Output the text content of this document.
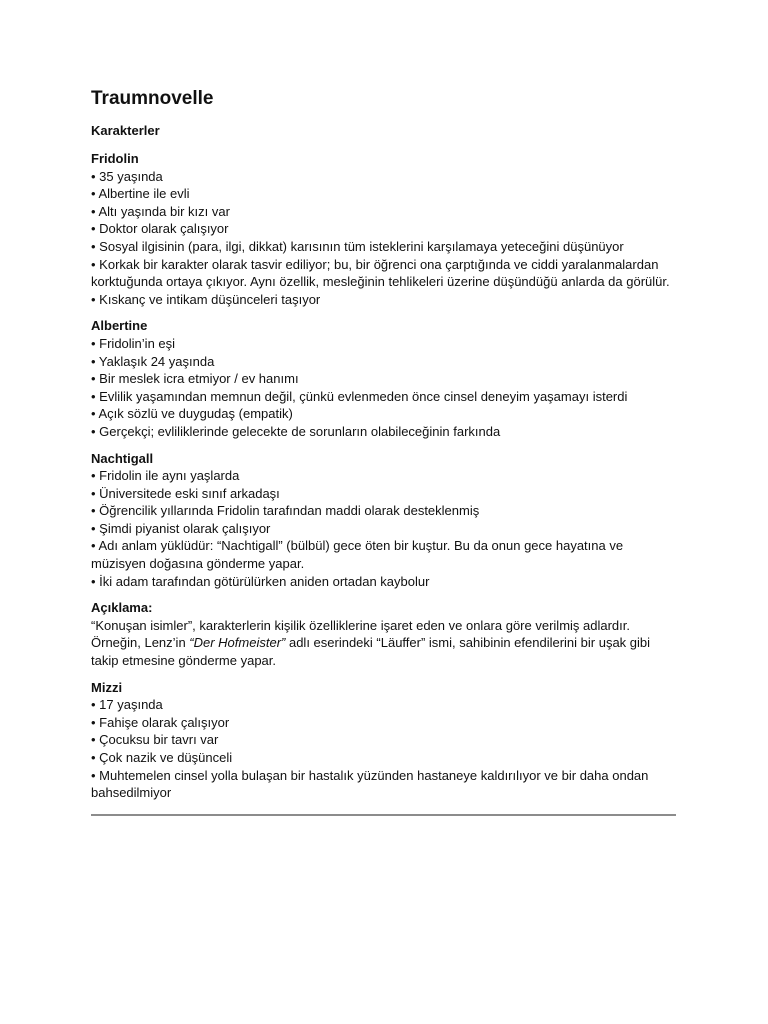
Traumnovelle

Karakterler

Fridolin

• 35 yaşında

• Albertine ile evli

• Altı yaşında bir kızı var

• Doktor olarak çalışıyor

• Sosyal ilgisinin (para, ilgi, dikkat) karısının tüm isteklerini karşılamaya yeteceğini düşünüyor

• Korkak bir karakter olarak tasvir ediliyor; bu, bir öğrenci ona çarptığında ve ciddi yaralanmalardan korktuğunda ortaya çıkıyor. Aynı özellik, mesleğinin tehlikeleri üzerine düşündüğü anlarda da görülür.

• Kıskanç ve intikam düşünceleri taşıyor

Albertine

• Fridolin’in eşi

• Yaklaşık 24 yaşında

• Bir meslek icra etmiyor / ev hanımı

• Evlilik yaşamından memnun değil, çünkü evlenmeden önce cinsel deneyim yaşamayı isterdi

• Açık sözlü ve duygudaş (empatik)

• Gerçekçi; evliliklerinde gelecekte de sorunların olabileceğinin farkında

Nachtigall

• Fridolin ile aynı yaşlarda

• Üniversitede eski sınıf arkadaşı

• Öğrencilik yıllarında Fridolin tarafından maddi olarak desteklenmiş

• Şimdi piyanist olarak çalışıyor

• Adı anlam yüklüdür: “Nachtigall” (bülbül) gece öten bir kuştur. Bu da onun gece hayatına ve müzisyen doğasına gönderme yapar.

• İki adam tarafından götürülürken aniden ortadan kaybolur

Açıklama:

“Konuşan isimler”, karakterlerin kişilik özelliklerine işaret eden ve onlara göre verilmiş adlardır. Örneğin, Lenz’in “Der Hofmeister” adlı eserindeki “Läuffer” ismi, sahibinin efendilerini bir uşak gibi takip etmesine gönderme yapar.

Mizzi

• 17 yaşında

• Fahişe olarak çalışıyor

• Çocuksu bir tavrı var

• Çok nazik ve düşünceli

• Muhtemelen cinsel yolla bulaşan bir hastalık yüzünden hastaneye kaldırılıyor ve bir daha ondan bahsedilmiyor
